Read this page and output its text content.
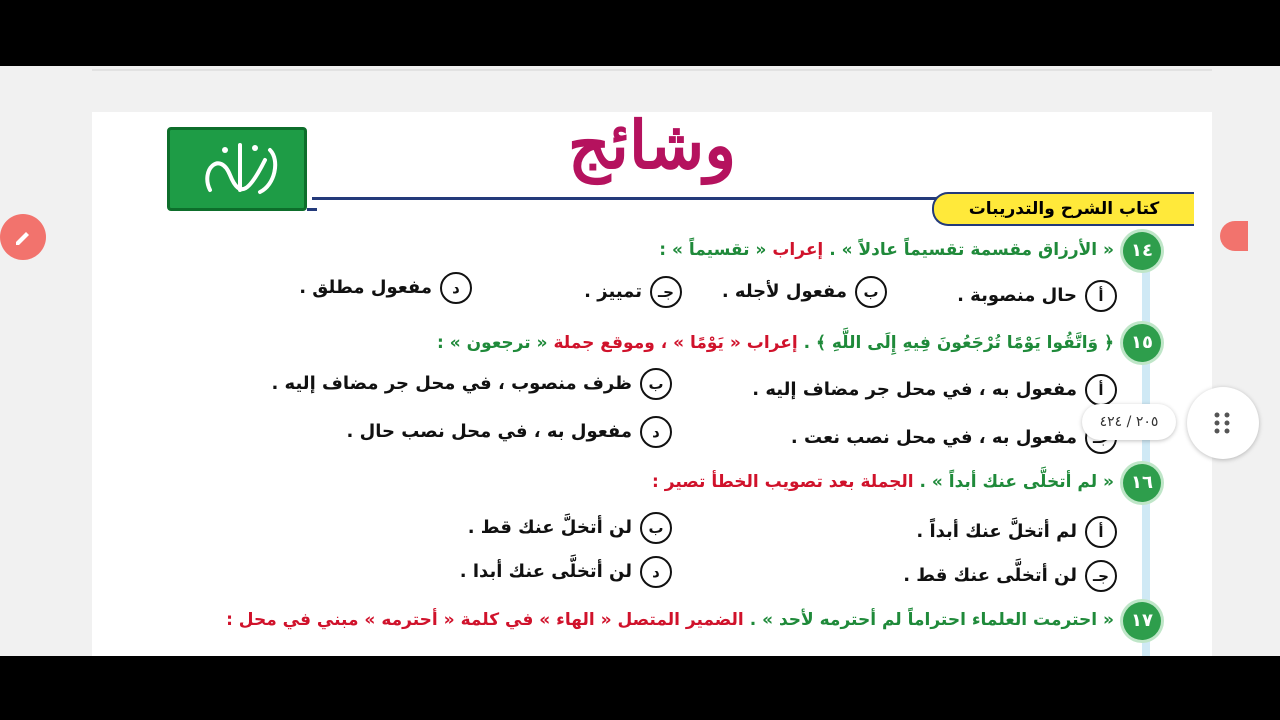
وشائج
كتاب الشرح والتدريبات
١٤
« الأرزاق مقسمة تقسيماً عادلاً » . إعراب « تقسيماً » :
أحال منصوبة .
بمفعول لأجله .
جـتمييز .
دمفعول مطلق .
١٥
﴿ وَاتَّقُوا يَوْمًا تُرْجَعُونَ فِيهِ إِلَى اللَّهِ ﴾ . إعراب « يَوْمًا » ، وموقع جملة « ترجعون » :
أمفعول به ، في محل جر مضاف إليه .
بظرف منصوب ، في محل جر مضاف إليه .
مفعول به ، في محل نصب نعت .
دمفعول به ، في محل نصب حال .
١٦
« لم أتخلَّى عنك أبداً » . الجملة بعد تصويب الخطأ تصير :
ألم أتخلَّ عنك أبداً .
بلن أتخلَّ عنك قط .
جـلن أتخلَّى عنك قط .
دلن أتخلَّى عنك أبدا .
١٧
« احترمت العلماء احتراماً لم أحترمه لأحد » . الضمير المتصل « الهاء » في كلمة « أحترمه » مبني في محل :
٢٠٥ / ٤٢٤
